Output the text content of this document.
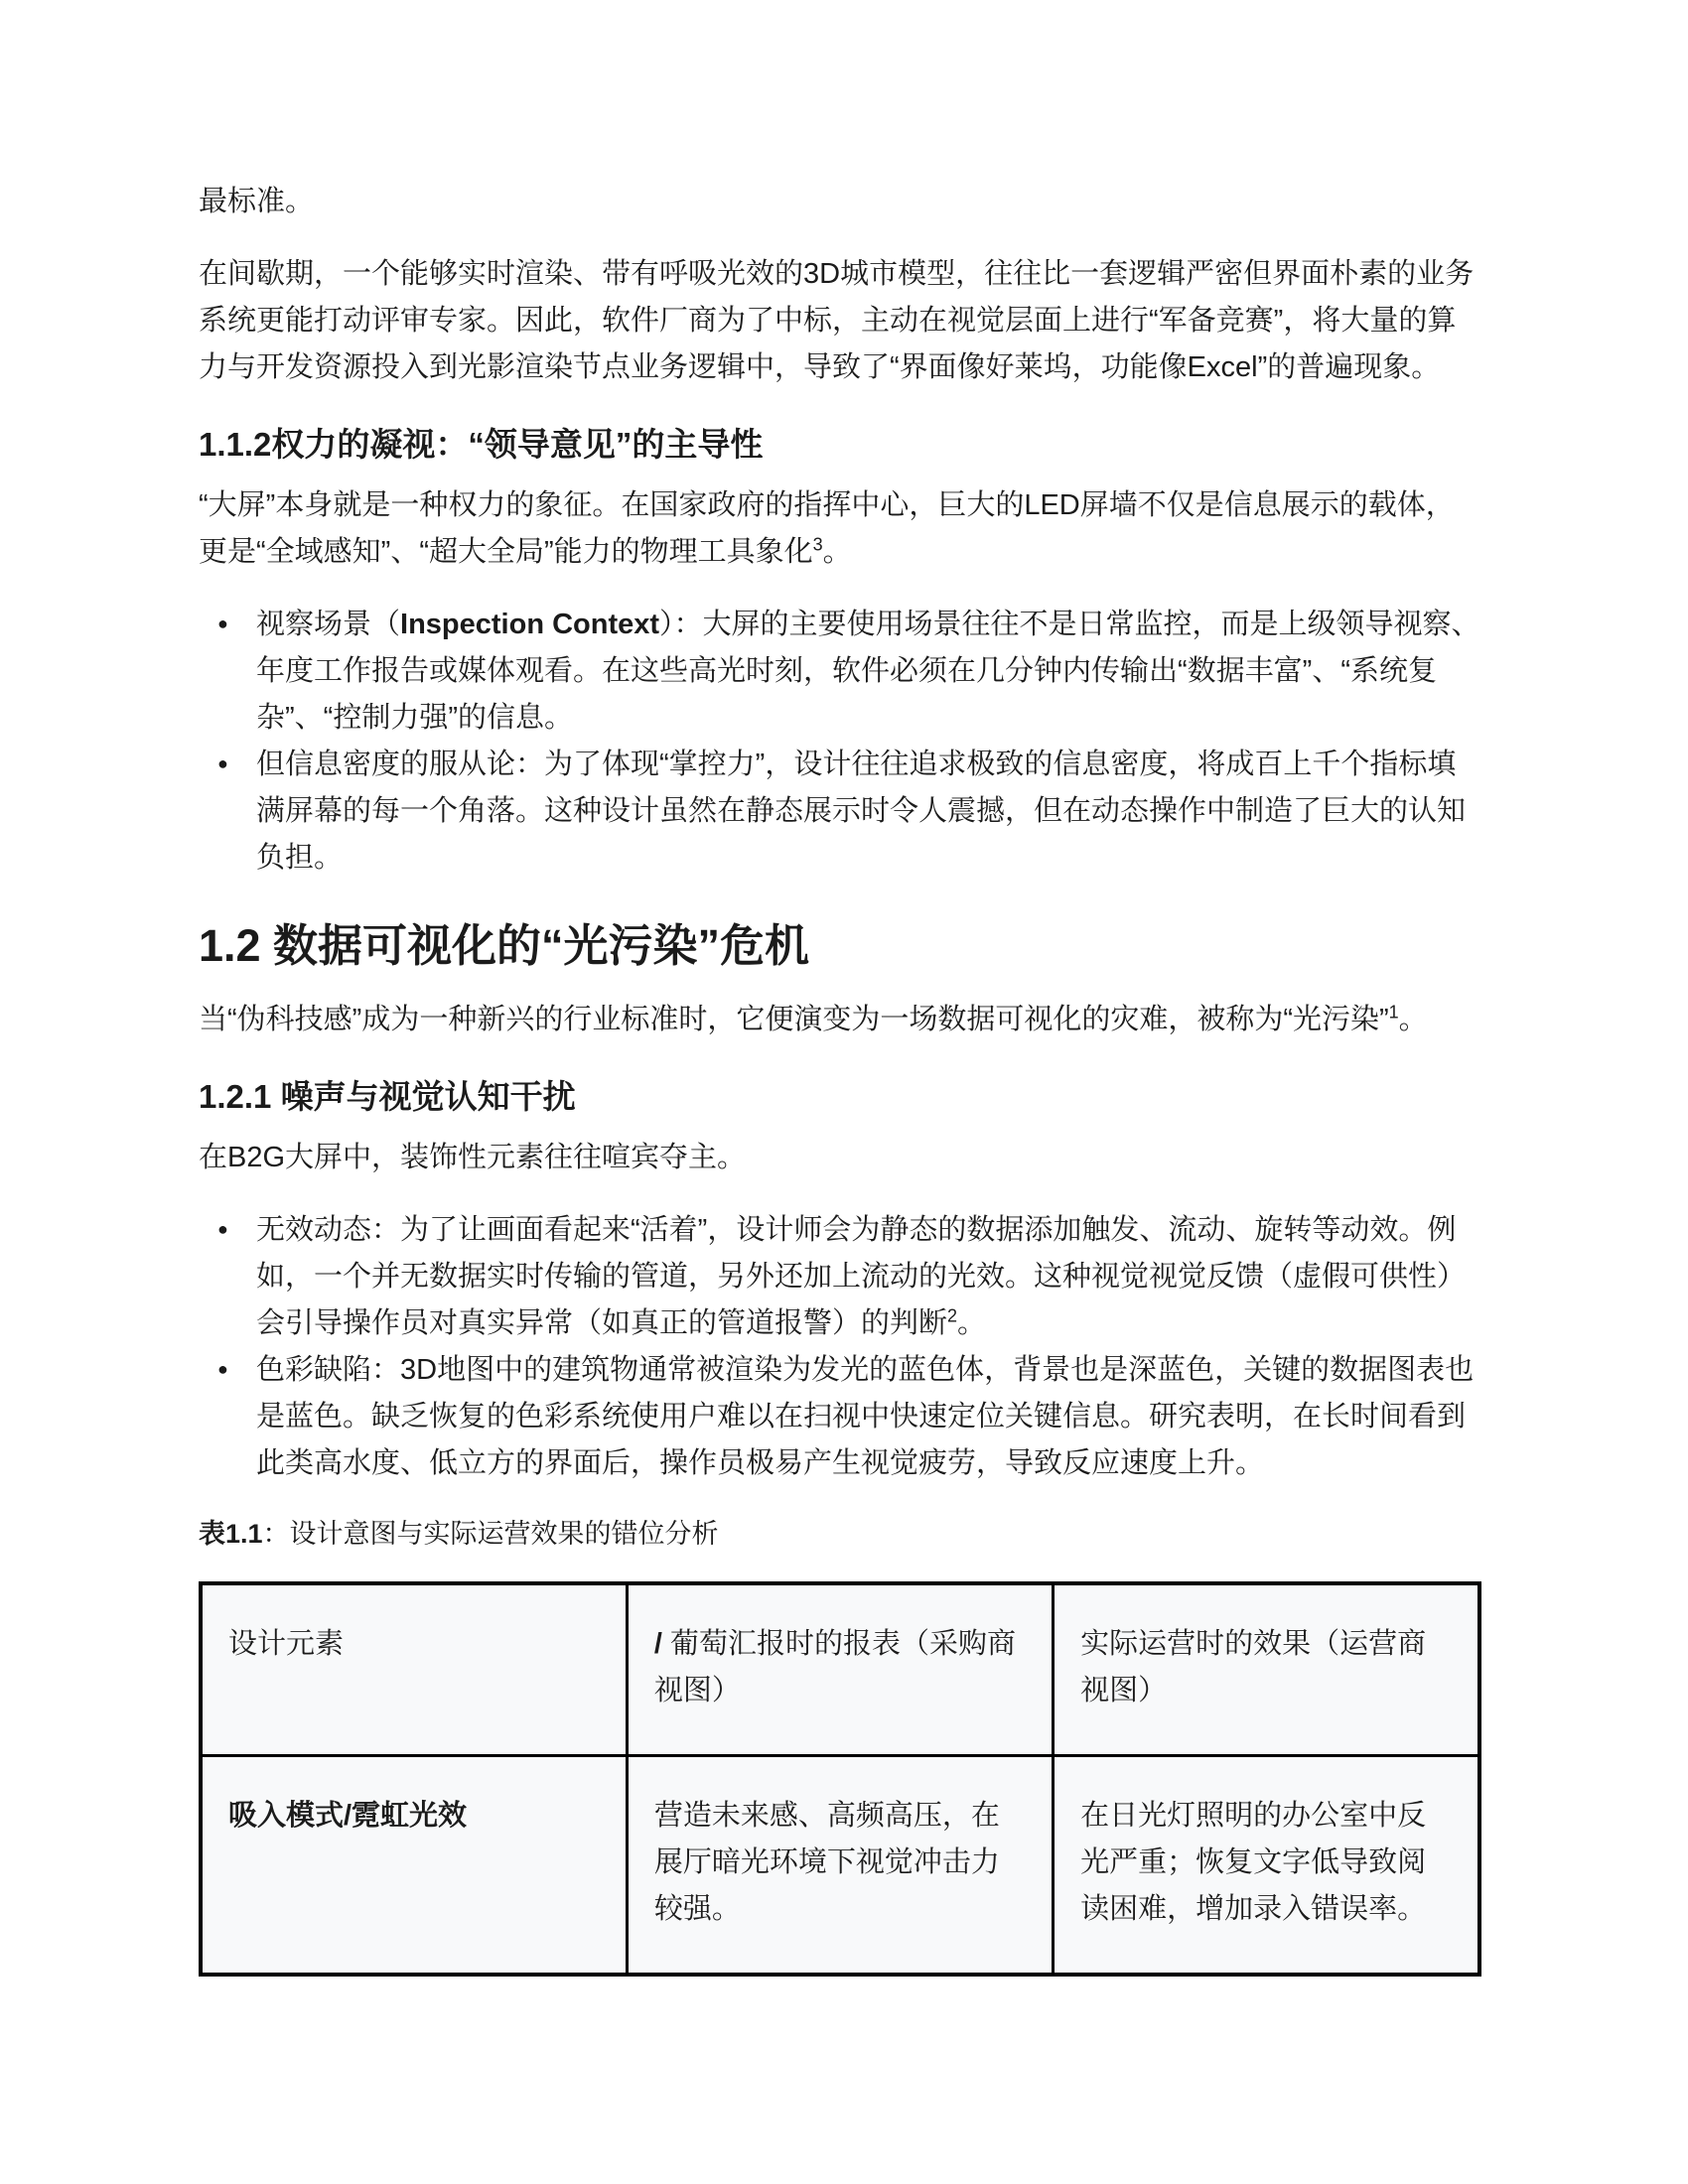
最标准。

在间歇期，一个能够实时渲染、带有呼吸光效的3D城市模型，往往比一套逻辑严密但界面朴素的业务系统更能打动评审专家。因此，软件厂商为了中标，主动在视觉层面上进行“军备竞赛”，将大量的算力与开发资源投入到光影渲染节点业务逻辑中，导致了“界面像好莱坞，功能像Excel”的普遍现象。

1.1.2权力的凝视：“领导意见”的主导性

“大屏”本身就是一种权力的象征。在国家政府的指挥中心，巨大的LED屏墙不仅是信息展示的载体，更是“全域感知”、“超大全局”能力的物理工具象化$^3$。

● 视察场景（Inspection Context）：大屏的主要使用场景往往不是日常监控，而是上级领导视察、年度工作报告或媒体观看。在这些高光时刻，软件必须在几分钟内传输出“数据丰富”、“系统复杂”、“控制力强”的信息。
● 但信息密度的服从论：为了体现“掌控力”，设计往往追求极致的信息密度，将成百上千个指标填满屏幕的每一个角落。这种设计虽然在静态展示时令人震撼，但在动态操作中制造了巨大的认知负担。
1.2 数据可视化的“光污染”危机

当“伪科技感”成为一种新兴的行业标准时，它便演变为一场数据可视化的灾难，被称为“光污染”$^1$。

1.2.1 噪声与视觉认知干扰

在B2G大屏中，装饰性元素往往喧宾夺主。

● 无效动态：为了让画面看起来“活着”，设计师会为静态的数据添加触发、流动、旋转等动效。例如，一个并无数据实时传输的管道，另外还加上流动的光效。这种视觉视觉反馈（虚假可供性）会引导操作员对真实异常（如真正的管道报警）的判断$^2$。
● 色彩缺陷：3D地图中的建筑物通常被渲染为发光的蓝色体，背景也是深蓝色，关键的数据图表也是蓝色。缺乏恢复的色彩系统使用户难以在扫视中快速定位关键信息。研究表明，在长时间看到此类高水度、低立方的界面后，操作员极易产生视觉疲劳，导致反应速度上升。

表1.1：设计意图与实际运营效果的错位分析

设计元素	/ 葡萄汇报时的报表（采购商视图）	实际运营时的效果（运营商视图）
吸入模式/霓虹光效	营造未来感、高频高压，在展厅暗光环境下视觉冲击力较强。	在日光灯照明的办公室中反光严重；恢复文字低导致阅读困难，增加录入错误率。
